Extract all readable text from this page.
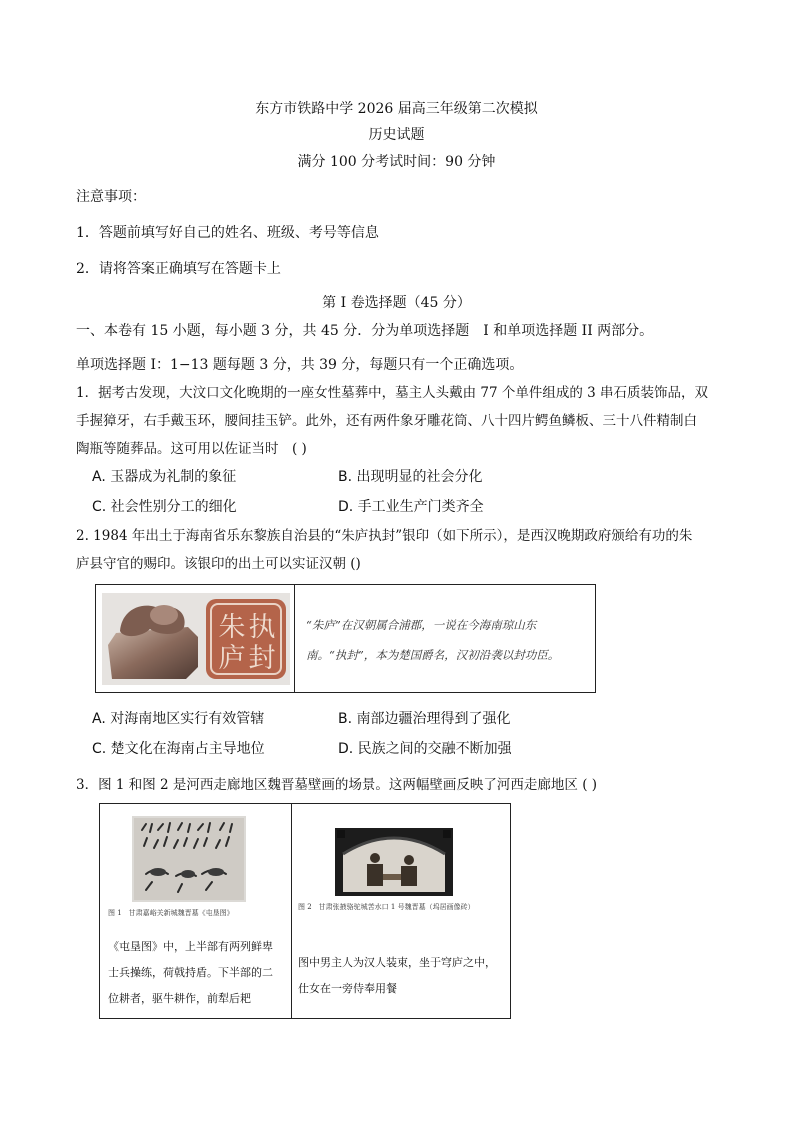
东方市铁路中学 2026 届高三年级第二次模拟
历史试题
满分 100 分考试时间：90 分钟
注意事项：
1．答题前填写好自己的姓名、班级、考号等信息
2．请将答案正确填写在答题卡上
第 I 卷选择题（45 分）
一、本卷有 15 小题，每小题 3 分，共 45 分．分为单项选择题　I 和单项选择题 II 两部分。
单项选择题 I：1−13 题每题 3 分，共 39 分，每题只有一个正确选项。
1．据考古发现，大汶口文化晚期的一座女性墓葬中，墓主人头戴由 77 个单件组成的 3 串石质装饰品，双
手握獐牙，右手戴玉环，腰间挂玉铲。此外，还有两件象牙雕花筒、八十四片鳄鱼鳞板、三十八件精制白
陶瓶等随葬品。这可用以佐证当时　( )
A. 玉器成为礼制的象征	B. 出现明显的社会分化
C. 社会性别分工的细化	D. 手工业生产门类齐全
2. 1984 年出土于海南省乐东黎族自治县的“朱庐执封”银印（如下所示），是西汉晚期政府颁给有功的朱
庐县守官的赐印。该银印的出土可以实证汉朝 ()
朱 执
庐 封
“朱庐”在汉朝属合浦郡，一说在今海南琼山东
南。“执封”，本为楚国爵名，汉初沿袭以封功臣。
A. 对海南地区实行有效管辖	B. 南部边疆治理得到了强化
C. 楚文化在海南占主导地位	D. 民族之间的交融不断加强
3．图 1 和图 2 是河西走廊地区魏晋墓壁画的场景。这两幅壁画反映了河西走廊地区 ( )
图 1　甘肃嘉峪关新城魏晋墓《屯垦图》
《屯垦图》中，上半部有两列鲜卑
士兵操练，荷戟持盾。下半部的二
位耕者，驱牛耕作，前犁后耙
图 2　甘肃张掖骆驼城苦水口 1 号魏晋墓（坞居画像砖）
图中男主人为汉人装束，坐于穹庐之中，
仕女在一旁侍奉用餐
